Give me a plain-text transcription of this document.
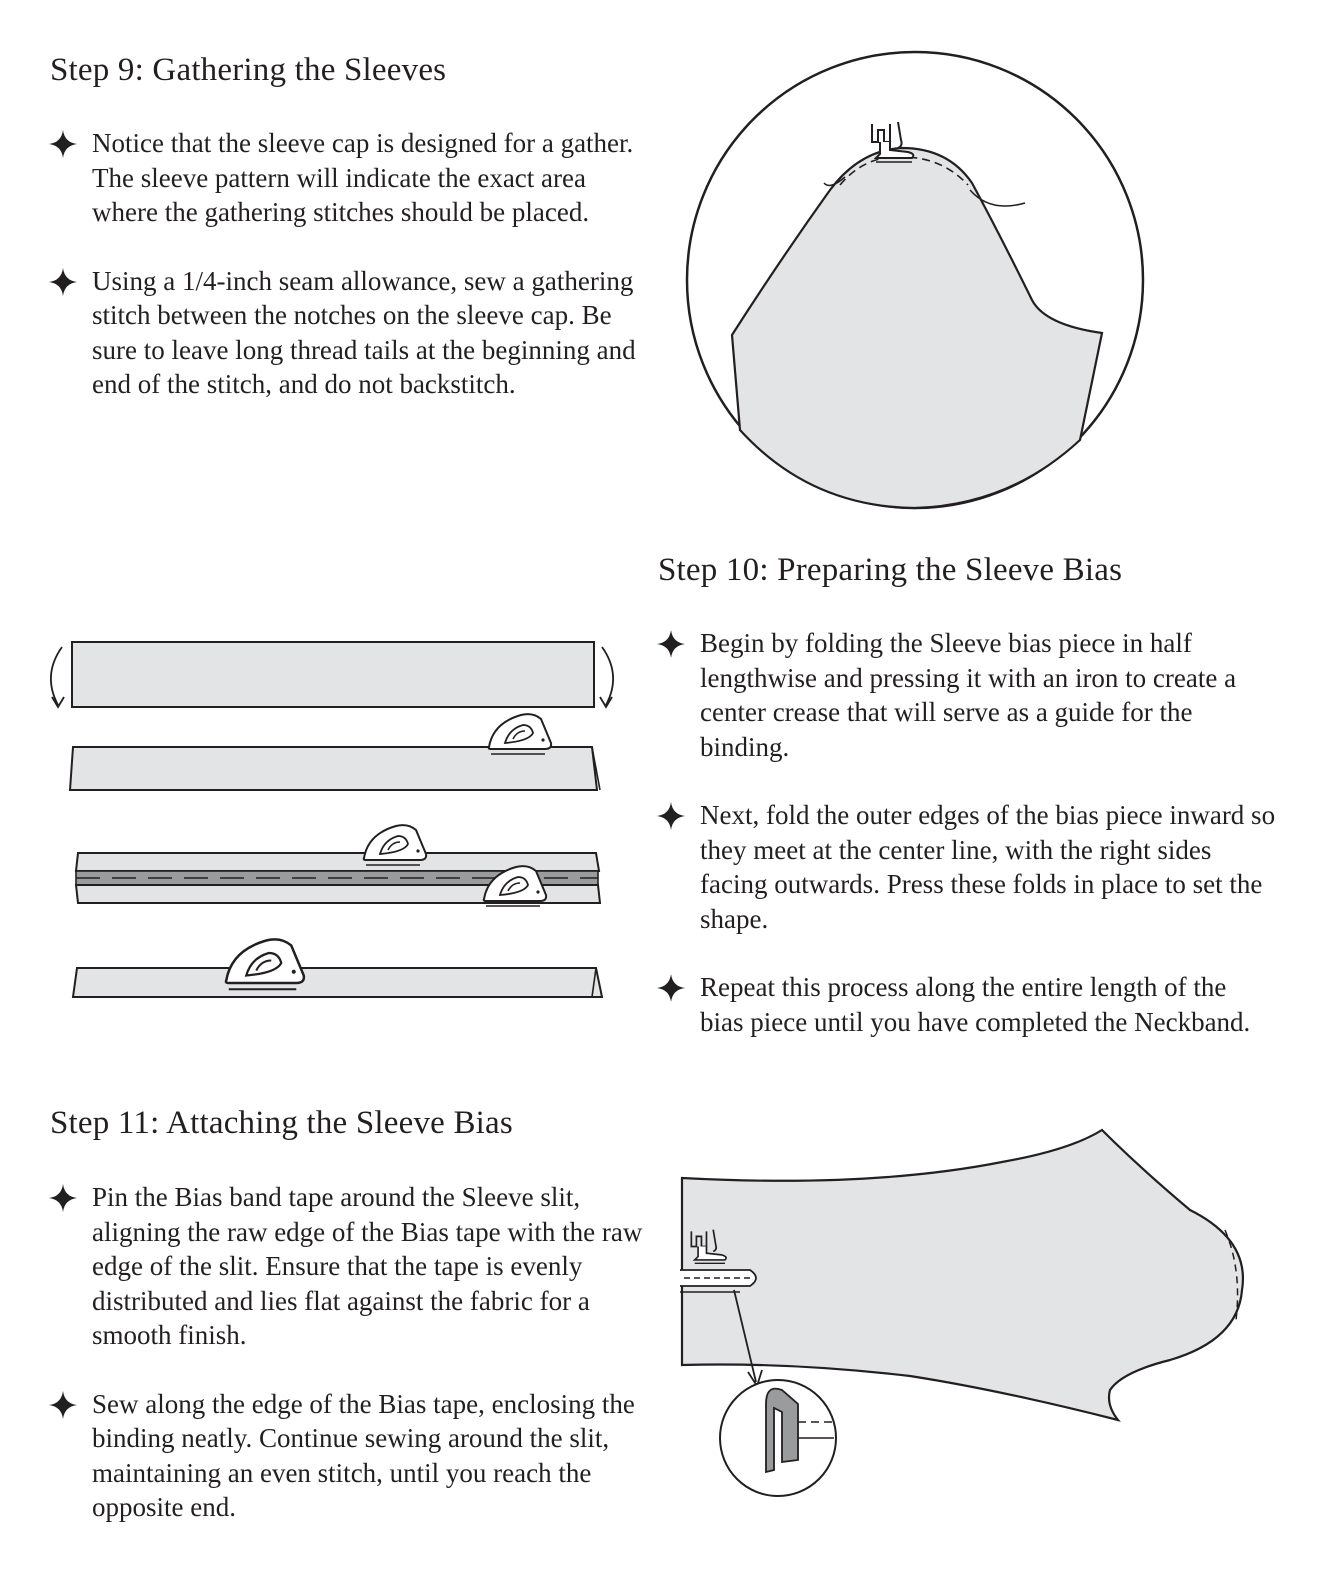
Step 9: Gathering the Sleeves
Notice that the sleeve cap is designed for a gather. The sleeve pattern will indicate the exact area where the gathering stitches should be placed.
Using a 1/4-inch seam allowance, sew a gathering stitch between the notches on the sleeve cap. Be sure to leave long thread tails at the beginning and end of the stitch, and do not backstitch.
Step 10: Preparing the Sleeve Bias
Begin by folding the Sleeve bias piece in half lengthwise and pressing it with an iron to create a center crease that will serve as a guide for the binding.
Next, fold the outer edges of the bias piece inward so they meet at the center line, with the right sides facing outwards. Press these folds in place to set the shape.
Repeat this process along the entire length of the bias piece until you have completed the Neckband.
Step 11: Attaching the Sleeve Bias
Pin the Bias band tape around the Sleeve slit, aligning the raw edge of the Bias tape with the raw edge of the slit. Ensure that the tape is evenly distributed and lies flat against the fabric for a smooth finish.
Sew along the edge of the Bias tape, enclosing the binding neatly. Continue sewing around the slit, maintaining an even stitch, until you reach the opposite end.
